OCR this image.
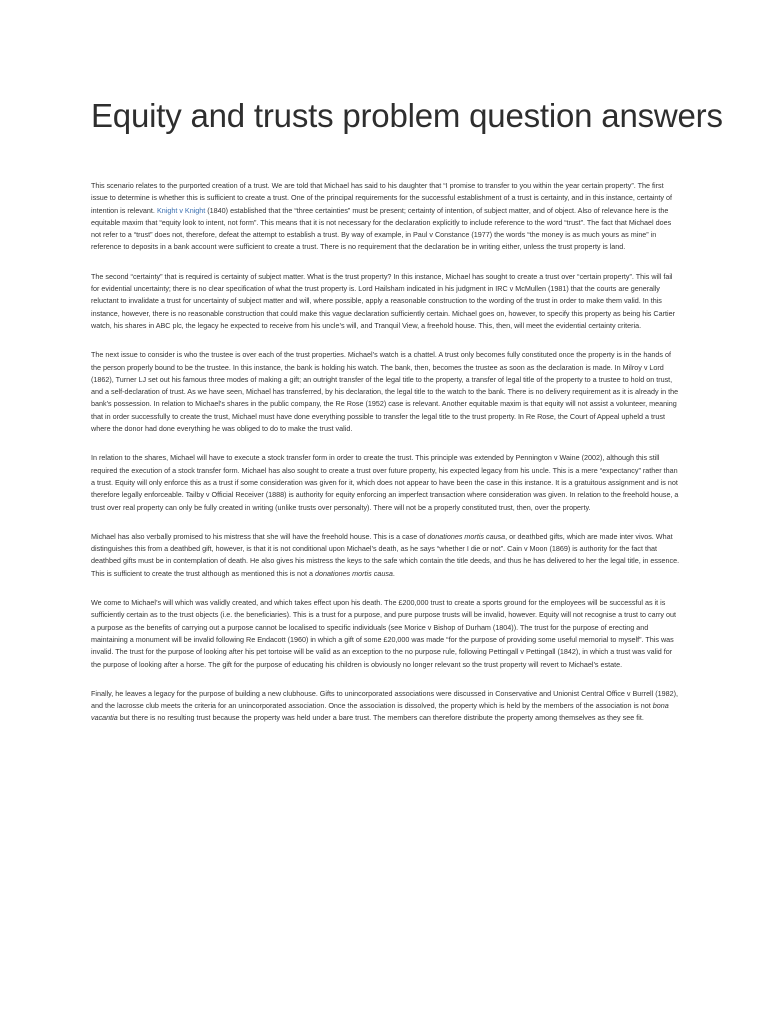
Equity and trusts problem question answers

This scenario relates to the purported creation of a trust. We are told that Michael has said to his daughter that “I promise to transfer to you within the year certain property”. The first issue to determine is whether this is sufficient to create a trust. One of the principal requirements for the successful establishment of a trust is certainty, and in this instance, certainty of intention is relevant. Knight v Knight (1840) established that the “three certainties” must be present; certainty of intention, of subject matter, and of object. Also of relevance here is the equitable maxim that “equity look to intent, not form”. This means that it is not necessary for the declaration explicitly to include reference to the word “trust”. The fact that Michael does not refer to a “trust” does not, therefore, defeat the attempt to establish a trust. By way of example, in Paul v Constance (1977) the words “the money is as much yours as mine” in reference to deposits in a bank account were sufficient to create a trust. There is no requirement that the declaration be in writing either, unless the trust property is land.

The second “certainty” that is required is certainty of subject matter. What is the trust property? In this instance, Michael has sought to create a trust over “certain property”. This will fail for evidential uncertainty; there is no clear specification of what the trust property is. Lord Hailsham indicated in his judgment in IRC v McMullen (1981) that the courts are generally reluctant to invalidate a trust for uncertainty of subject matter and will, where possible, apply a reasonable construction to the wording of the trust in order to make them valid. In this instance, however, there is no reasonable construction that could make this vague declaration sufficiently certain. Michael goes on, however, to specify this property as being his Cartier watch, his shares in ABC plc, the legacy he expected to receive from his uncle’s will, and Tranquil View, a freehold house. This, then, will meet the evidential certainty criteria.

The next issue to consider is who the trustee is over each of the trust properties. Michael’s watch is a chattel. A trust only becomes fully constituted once the property is in the hands of the person properly bound to be the trustee. In this instance, the bank is holding his watch. The bank, then, becomes the trustee as soon as the declaration is made. In Milroy v Lord (1862), Turner LJ set out his famous three modes of making a gift; an outright transfer of the legal title to the property, a transfer of legal title of the property to a trustee to hold on trust, and a self-declaration of trust. As we have seen, Michael has transferred, by his declaration, the legal title to the watch to the bank. There is no delivery requirement as it is already in the bank’s possession. In relation to Michael’s shares in the public company, the Re Rose (1952) case is relevant. Another equitable maxim is that equity will not assist a volunteer, meaning that in order successfully to create the trust, Michael must have done everything possible to transfer the legal title to the trust property. In Re Rose, the Court of Appeal upheld a trust where the donor had done everything he was obliged to do to make the trust valid.

In relation to the shares, Michael will have to execute a stock transfer form in order to create the trust. This principle was extended by Pennington v Waine (2002), although this still required the execution of a stock transfer form. Michael has also sought to create a trust over future property, his expected legacy from his uncle. This is a mere “expectancy” rather than a trust. Equity will only enforce this as a trust if some consideration was given for it, which does not appear to have been the case in this instance. It is a gratuitous assignment and is not therefore legally enforceable. Tailby v Official Receiver (1888) is authority for equity enforcing an imperfect transaction where consideration was given. In relation to the freehold house, a trust over real property can only be fully created in writing (unlike trusts over personalty). There will not be a properly constituted trust, then, over the property.

Michael has also verbally promised to his mistress that she will have the freehold house. This is a case of donationes mortis causa, or deathbed gifts, which are made inter vivos. What distinguishes this from a deathbed gift, however, is that it is not conditional upon Michael’s death, as he says “whether I die or not”. Cain v Moon (1869) is authority for the fact that deathbed gifts must be in contemplation of death. He also gives his mistress the keys to the safe which contain the title deeds, and thus he has delivered to her the legal title, in essence. This is sufficient to create the trust although as mentioned this is not a donationes mortis causa.

We come to Michael’s will which was validly created, and which takes effect upon his death. The £200,000 trust to create a sports ground for the employees will be successful as it is sufficiently certain as to the trust objects (i.e. the beneficiaries). This is a trust for a purpose, and pure purpose trusts will be invalid, however. Equity will not recognise a trust to carry out a purpose as the benefits of carrying out a purpose cannot be localised to specific individuals (see Morice v Bishop of Durham (1804)). The trust for the purpose of erecting and maintaining a monument will be invalid following Re Endacott (1960) in which a gift of some £20,000 was made “for the purpose of providing some useful memorial to myself”. This was invalid. The trust for the purpose of looking after his pet tortoise will be valid as an exception to the no purpose rule, following Pettingall v Pettingall (1842), in which a trust was valid for the purpose of looking after a horse. The gift for the purpose of educating his children is obviously no longer relevant so the trust property will revert to Michael’s estate.

Finally, he leaves a legacy for the purpose of building a new clubhouse. Gifts to unincorporated associations were discussed in Conservative and Unionist Central Office v Burrell (1982), and the lacrosse club meets the criteria for an unincorporated association. Once the association is dissolved, the property which is held by the members of the association is not bona vacantia but there is no resulting trust because the property was held under a bare trust. The members can therefore distribute the property among themselves as they see fit.
